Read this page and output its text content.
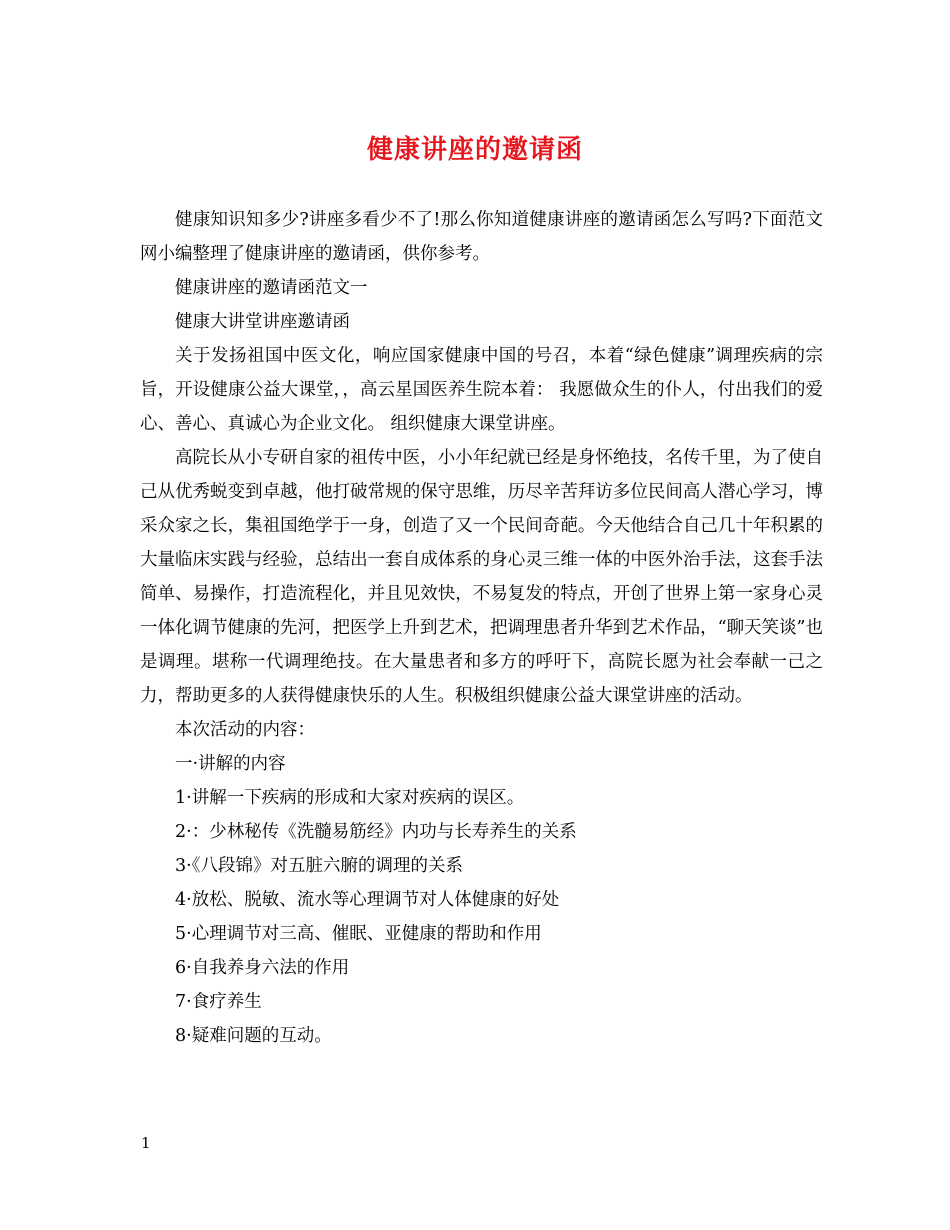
健康讲座的邀请函

健康知识知多少?讲座多看少不了!那么你知道健康讲座的邀请函怎么写吗?下面范文网小编整理了健康讲座的邀请函，供你参考。

健康讲座的邀请函范文一

健康大讲堂讲座邀请函

关于发扬祖国中医文化，响应国家健康中国的号召，本着“绿色健康”调理疾病的宗旨，开设健康公益大课堂，，高云星国医养生院本着： 我愿做众生的仆人，付出我们的爱心、善心、真诚心为企业文化。 组织健康大课堂讲座。

高院长从小专研自家的祖传中医，小小年纪就已经是身怀绝技，名传千里，为了使自己从优秀蜕变到卓越，他打破常规的保守思维，历尽辛苦拜访多位民间高人潜心学习，博采众家之长，集祖国绝学于一身，创造了又一个民间奇葩。今天他结合自己几十年积累的大量临床实践与经验，总结出一套自成体系的身心灵三维一体的中医外治手法，这套手法简单、易操作，打造流程化，并且见效快，不易复发的特点，开创了世界上第一家身心灵一体化调节健康的先河，把医学上升到艺术，把调理患者升华到艺术作品，“聊天笑谈”也是调理。堪称一代调理绝技。在大量患者和多方的呼吁下，高院长愿为社会奉献一己之力，帮助更多的人获得健康快乐的人生。积极组织健康公益大课堂讲座的活动。

本次活动的内容：

一·讲解的内容

1·讲解一下疾病的形成和大家对疾病的误区。

2·：少林秘传《洗髓易筋经》内功与长寿养生的关系

3·《八段锦》对五脏六腑的调理的关系

4·放松、脱敏、流水等心理调节对人体健康的好处

5·心理调节对三高、催眠、亚健康的帮助和作用

6·自我养身六法的作用

7·食疗养生

8·疑难问题的互动。

1
